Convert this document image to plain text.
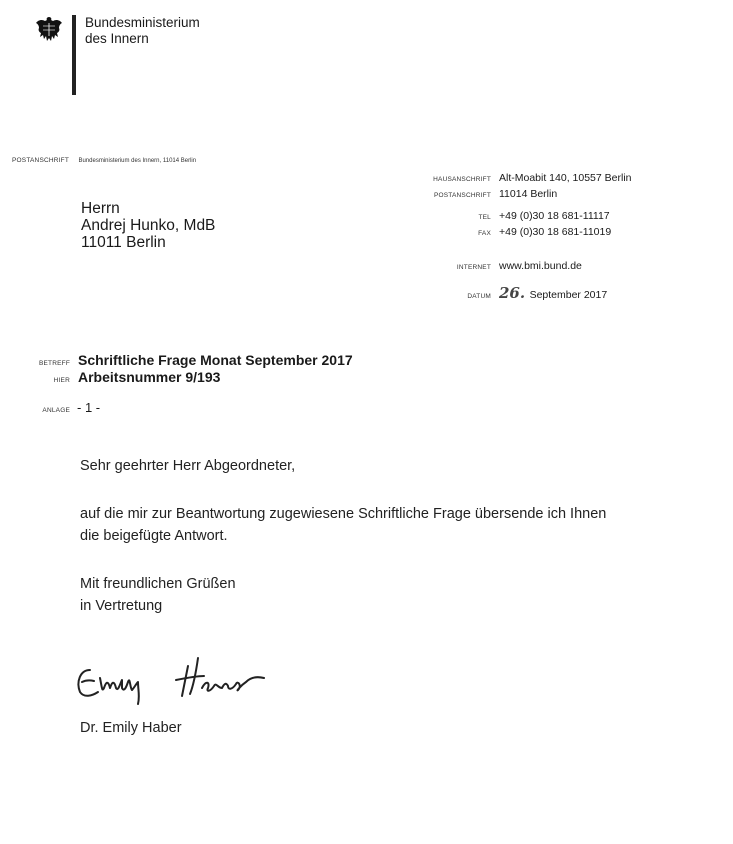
Bundesministerium
des Innern
POSTANSCHRIFT Bundesministerium des Innern, 11014 Berlin
Herrn
Andrej Hunko, MdB
11011 Berlin
HAUSANSCHRIFT Alt-Moabit 140, 10557 Berlin
POSTANSCHRIFT 11014 Berlin
TEL +49 (0)30 18 681-11117
FAX +49 (0)30 18 681-11019
INTERNET www.bmi.bund.de
DATUM 26. September 2017
BETREFF Schriftliche Frage Monat September 2017
HIER Arbeitsnummer 9/193
ANLAGE - 1 -
Sehr geehrter Herr Abgeordneter,
auf die mir zur Beantwortung zugewiesene Schriftliche Frage übersende ich Ihnen
die beigefügte Antwort.
Mit freundlichen Grüßen
in Vertretung
Emily Haber
Dr. Emily Haber
